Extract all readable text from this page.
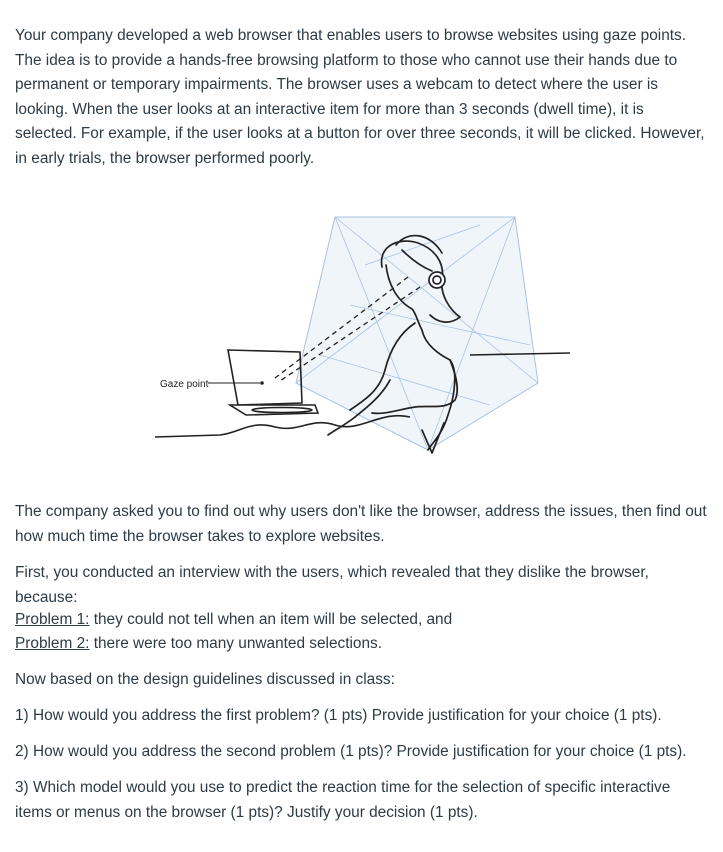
Your company developed a web browser that enables users to browse websites using gaze points. The idea is to provide a hands-free browsing platform to those who cannot use their hands due to permanent or temporary impairments. The browser uses a webcam to detect where the user is looking. When the user looks at an interactive item for more than 3 seconds (dwell time), it is selected. For example, if the user looks at a button for over three seconds, it will be clicked. However, in early trials, the browser performed poorly.

Gaze point

The company asked you to find out why users don't like the browser, address the issues, then find out how much time the browser takes to explore websites.

First, you conducted an interview with the users, which revealed that they dislike the browser, because:

Problem 1: they could not tell when an item will be selected, and

Problem 2: there were too many unwanted selections.

Now based on the design guidelines discussed in class:

1) How would you address the first problem? (1 pts) Provide justification for your choice (1 pts).

2) How would you address the second problem (1 pts)? Provide justification for your choice (1 pts).

3) Which model would you use to predict the reaction time for the selection of specific interactive items or menus on the browser (1 pts)? Justify your decision (1 pts).
